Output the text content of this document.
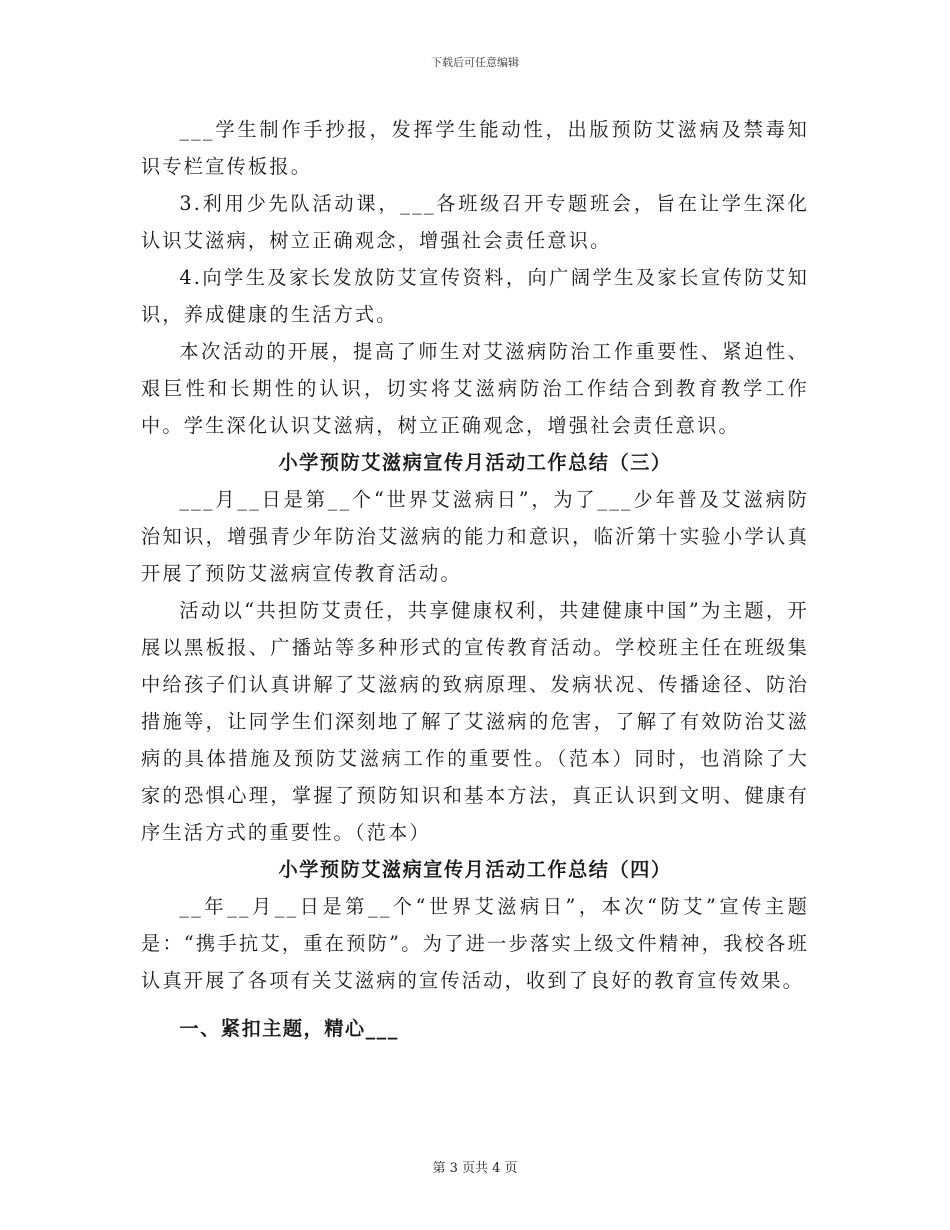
下载后可任意编辑

___学生制作手抄报，发挥学生能动性，出版预防艾滋病及禁毒知识专栏宣传板报。

3.利用少先队活动课，___各班级召开专题班会，旨在让学生深化认识艾滋病，树立正确观念，增强社会责任意识。

4.向学生及家长发放防艾宣传资料，向广阔学生及家长宣传防艾知识，养成健康的生活方式。

本次活动的开展，提高了师生对艾滋病防治工作重要性、紧迫性、艰巨性和长期性的认识，切实将艾滋病防治工作结合到教育教学工作中。学生深化认识艾滋病，树立正确观念，增强社会责任意识。

小学预防艾滋病宣传月活动工作总结（三）

___月__日是第__个“世界艾滋病日”，为了___少年普及艾滋病防治知识，增强青少年防治艾滋病的能力和意识，临沂第十实验小学认真开展了预防艾滋病宣传教育活动。

活动以“共担防艾责任，共享健康权利，共建健康中国”为主题，开展以黑板报、广播站等多种形式的宣传教育活动。学校班主任在班级集中给孩子们认真讲解了艾滋病的致病原理、发病状况、传播途径、防治措施等，让同学生们深刻地了解了艾滋病的危害，了解了有效防治艾滋病的具体措施及预防艾滋病工作的重要性。（范本）同时，也消除了大家的恐惧心理，掌握了预防知识和基本方法，真正认识到文明、健康有序生活方式的重要性。（范本）

小学预防艾滋病宣传月活动工作总结（四）

__年__月__日是第__个“世界艾滋病日”，本次“防艾”宣传主题是：“携手抗艾，重在预防”。为了进一步落实上级文件精神，我校各班认真开展了各项有关艾滋病的宣传活动，收到了良好的教育宣传效果。

一、紧扣主题，精心___
第 3 页共 4 页
